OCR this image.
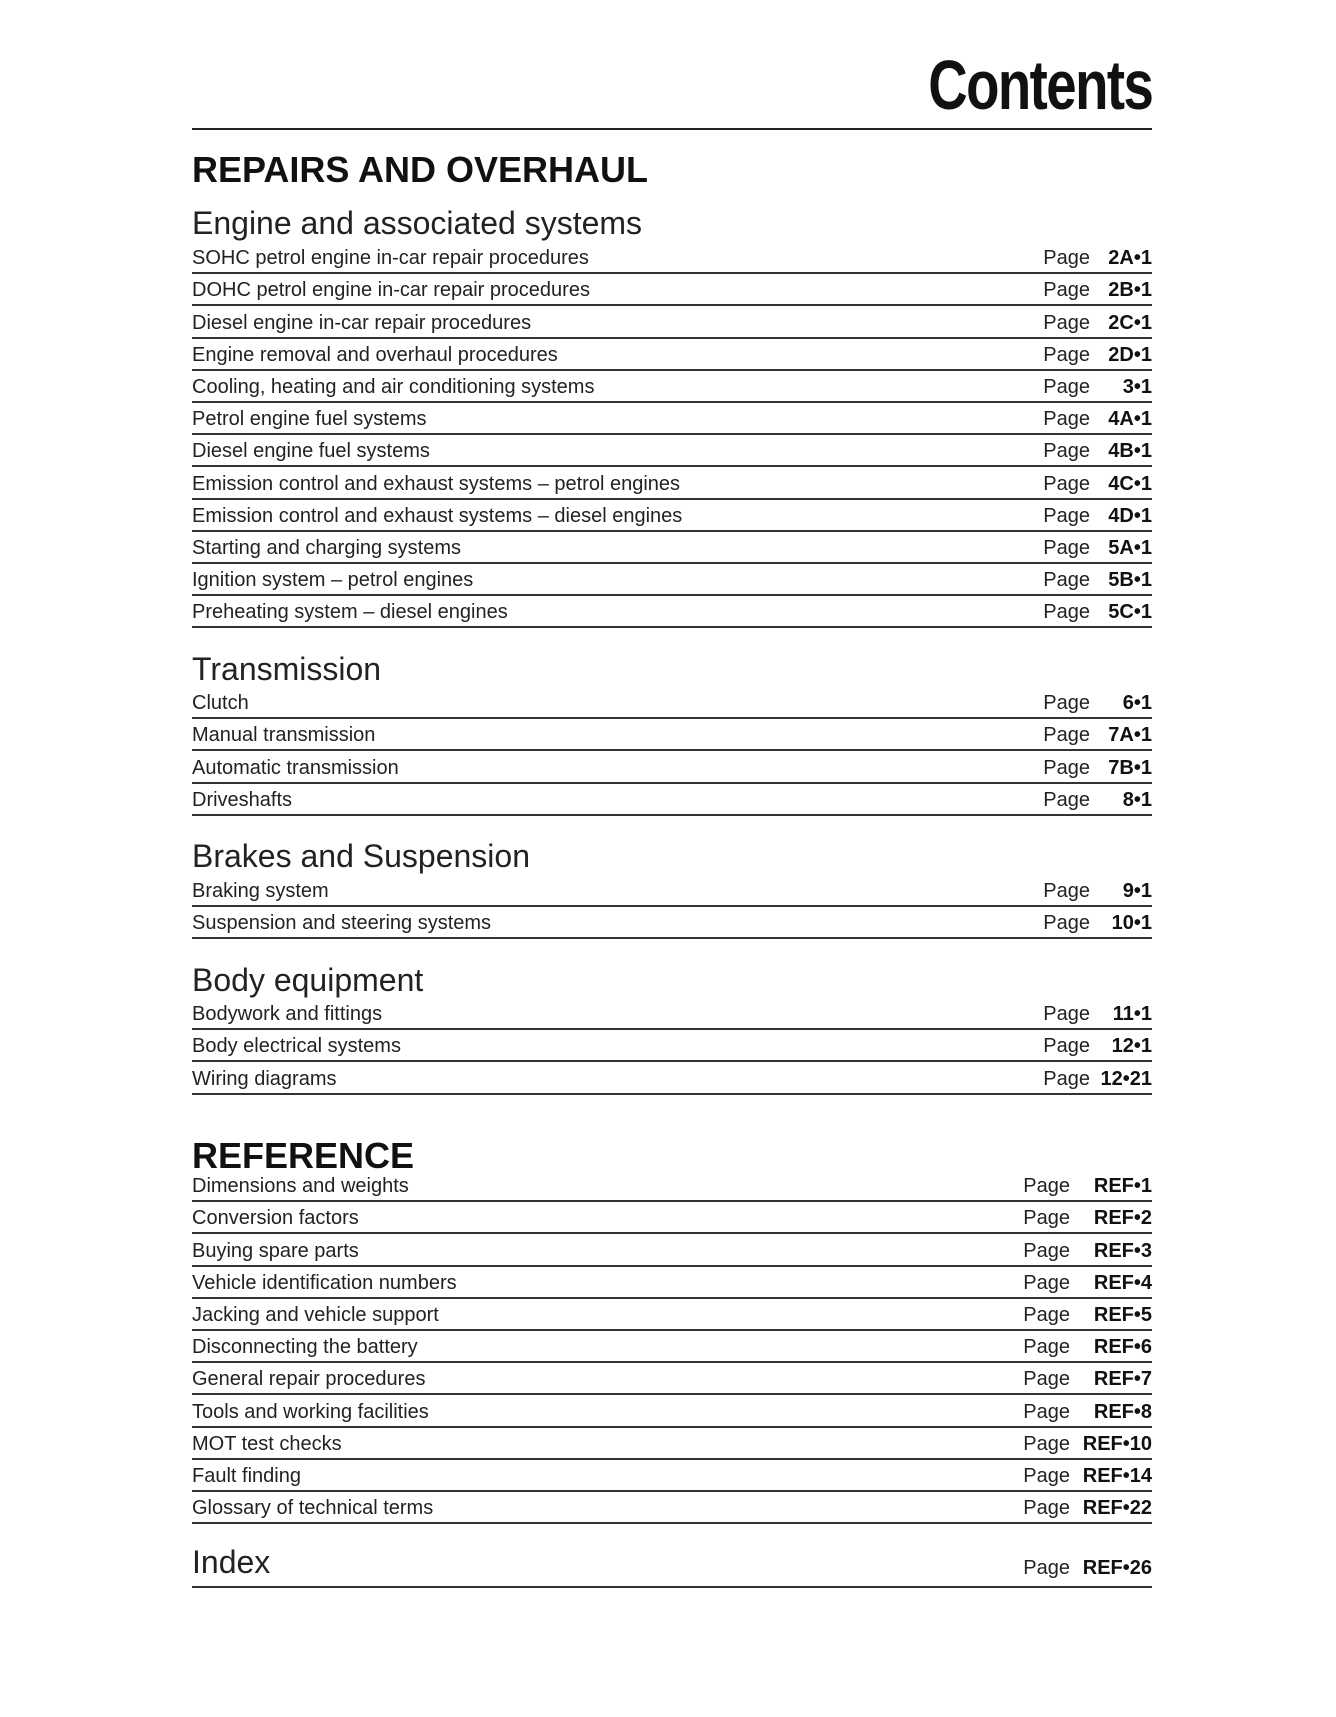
Contents
REPAIRS AND OVERHAUL
Engine and associated systems
SOHC petrol engine in-car repair procedures	Page 2A•1
DOHC petrol engine in-car repair procedures	Page 2B•1
Diesel engine in-car repair procedures	Page 2C•1
Engine removal and overhaul procedures	Page 2D•1
Cooling, heating and air conditioning systems	Page 3•1
Petrol engine fuel systems	Page 4A•1
Diesel engine fuel systems	Page 4B•1
Emission control and exhaust systems – petrol engines	Page 4C•1
Emission control and exhaust systems – diesel engines	Page 4D•1
Starting and charging systems	Page 5A•1
Ignition system – petrol engines	Page 5B•1
Preheating system – diesel engines	Page 5C•1
Transmission
Clutch	Page 6•1
Manual transmission	Page 7A•1
Automatic transmission	Page 7B•1
Driveshafts	Page 8•1
Brakes and Suspension
Braking system	Page 9•1
Suspension and steering systems	Page 10•1
Body equipment
Bodywork and fittings	Page 11•1
Body electrical systems	Page 12•1
Wiring diagrams	Page 12•21
REFERENCE
Dimensions and weights	Page REF•1
Conversion factors	Page REF•2
Buying spare parts	Page REF•3
Vehicle identification numbers	Page REF•4
Jacking and vehicle support	Page REF•5
Disconnecting the battery	Page REF•6
General repair procedures	Page REF•7
Tools and working facilities	Page REF•8
MOT test checks	Page REF•10
Fault finding	Page REF•14
Glossary of technical terms	Page REF•22
Index	Page REF•26
